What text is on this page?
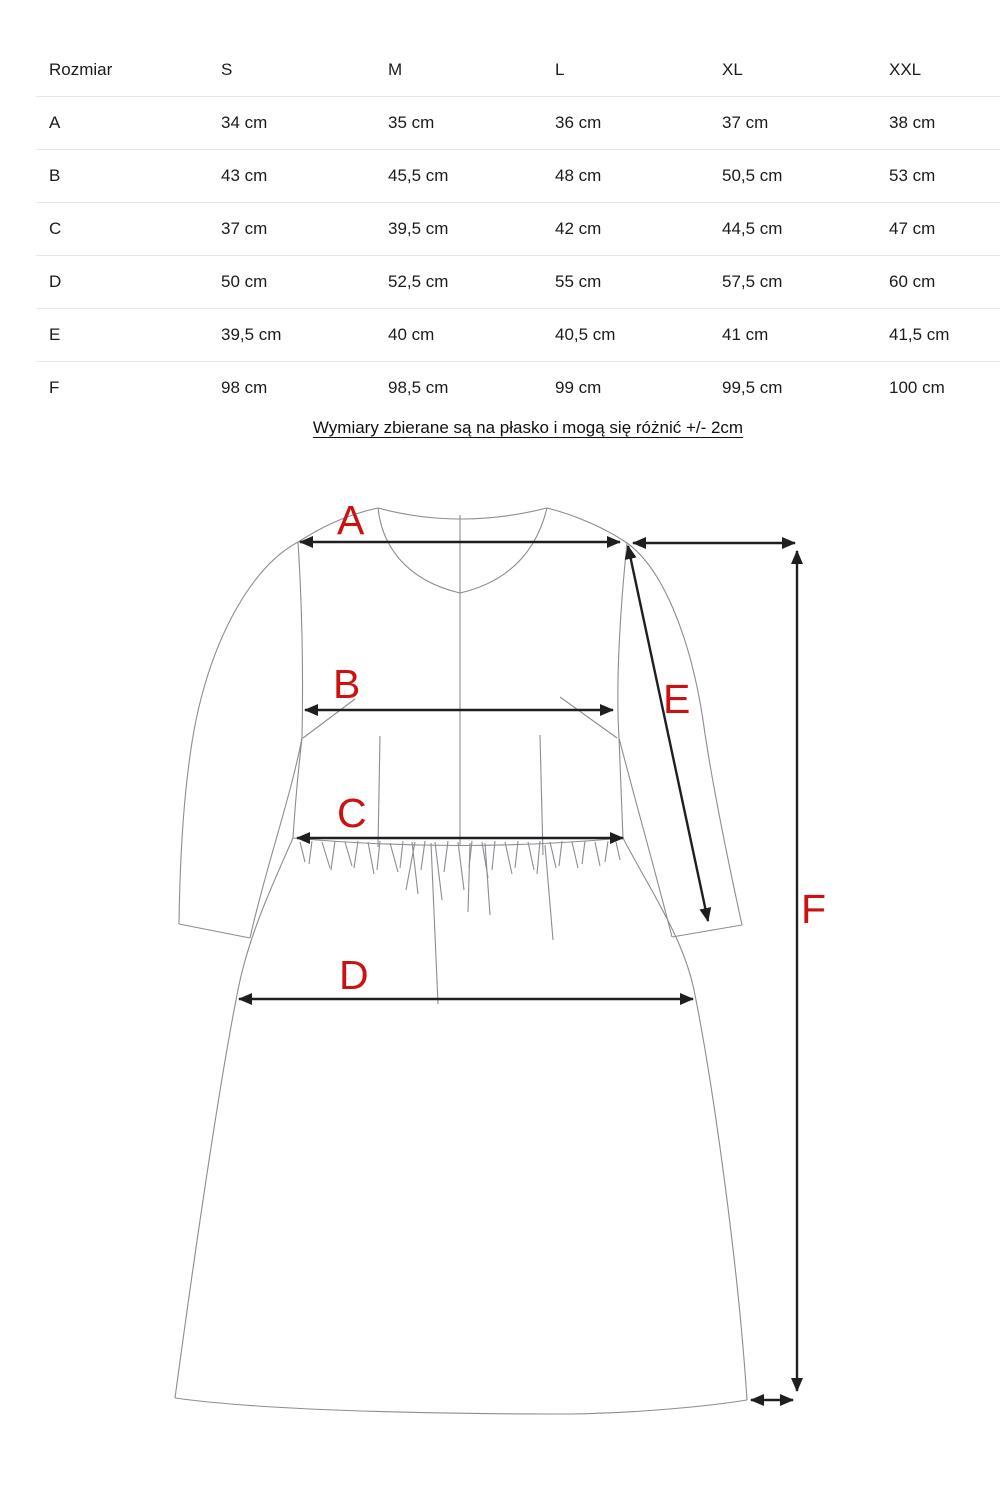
Rozmiar	S	M	L	XL	XXL
A	34 cm	35 cm	36 cm	37 cm	38 cm
B	43 cm	45,5 cm	48 cm	50,5 cm	53 cm
C	37 cm	39,5 cm	42 cm	44,5 cm	47 cm
D	50 cm	52,5 cm	55 cm	57,5 cm	60 cm
E	39,5 cm	40 cm	40,5 cm	41 cm	41,5 cm
F	98 cm	98,5 cm	99 cm	99,5 cm	100 cm
Wymiary zbierane są na płasko i mogą się różnić +/- 2cm
A
B
C
D
E
F
